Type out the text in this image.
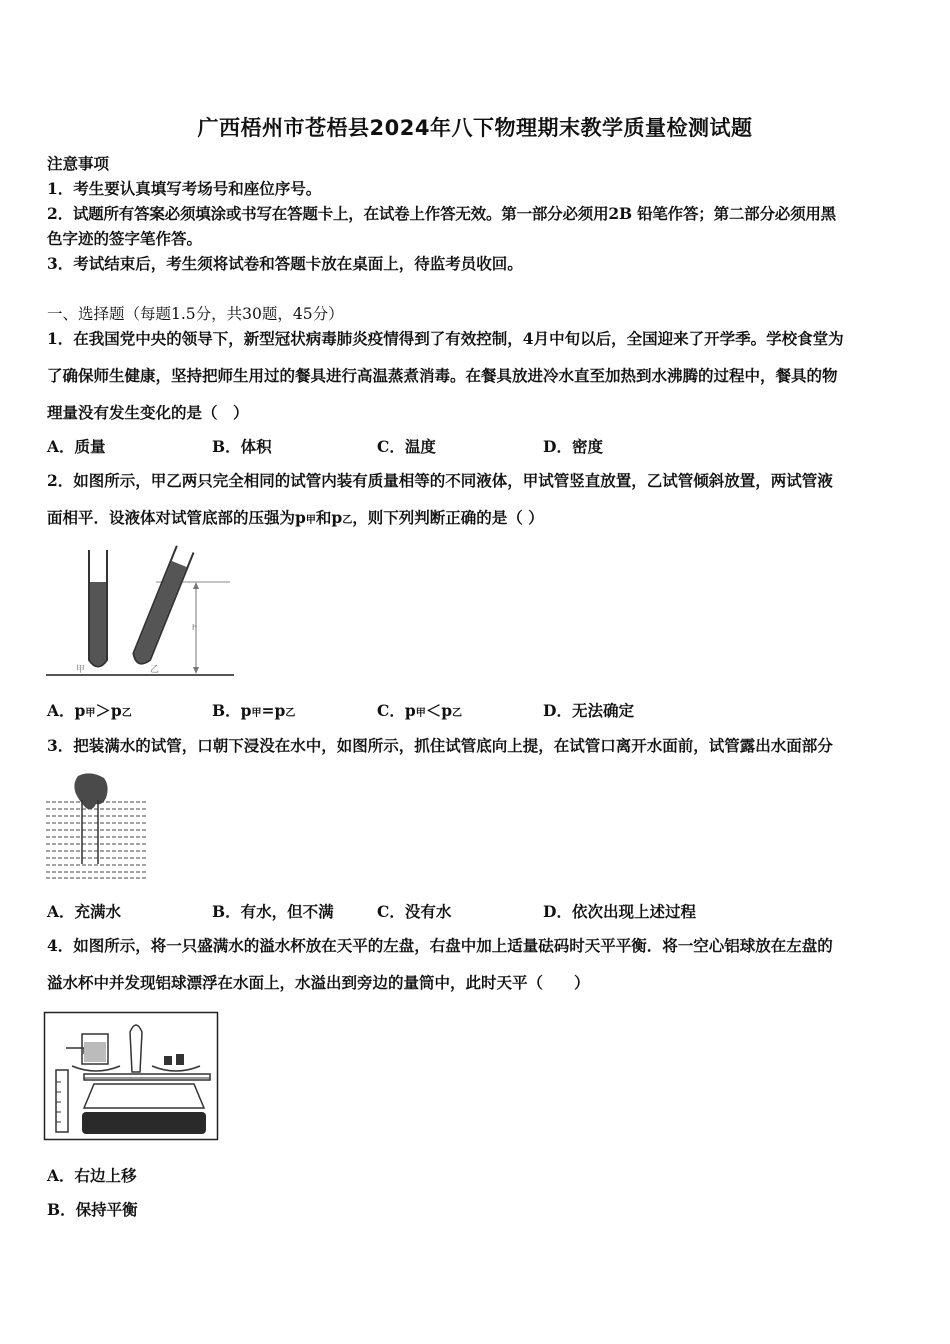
广西梧州市苍梧县2024年八下物理期末教学质量检测试题
注意事项
1．考生要认真填写考场号和座位序号。
2．试题所有答案必须填涂或书写在答题卡上，在试卷上作答无效。第一部分必须用2B 铅笔作答；第二部分必须用黑
色字迹的签字笔作答。
3．考试结束后，考生须将试卷和答题卡放在桌面上，待监考员收回。
一、选择题（每题1.5分，共30题，45分）
1．在我国党中央的领导下，新型冠状病毒肺炎疫情得到了有效控制，4月中旬以后，全国迎来了开学季。学校食堂为
了确保师生健康，坚持把师生用过的餐具进行高温蒸煮消毒。在餐具放进冷水直至加热到水沸腾的过程中，餐具的物
理量没有发生变化的是（　）
A．质量	B．体积	C．温度	D．密度
2．如图所示，甲乙两只完全相同的试管内装有质量相等的不同液体，甲试管竖直放置，乙试管倾斜放置，两试管液
面相平．设液体对试管底部的压强为p甲和p乙，则下列判断正确的是（ ）
h
甲	乙
A．p甲＞p乙	B．p甲=p乙	C．p甲＜p乙	D．无法确定
3．把装满水的试管，口朝下浸没在水中，如图所示，抓住试管底向上提，在试管口离开水面前，试管露出水面部分
A．充满水	B．有水，但不满	C．没有水	D．依次出现上述过程
4．如图所示，将一只盛满水的溢水杯放在天平的左盘，右盘中加上适量砝码时天平平衡．将一空心铝球放在左盘的
溢水杯中并发现铝球漂浮在水面上，水溢出到旁边的量筒中，此时天平（　　）
A．右边上移
B．保持平衡
